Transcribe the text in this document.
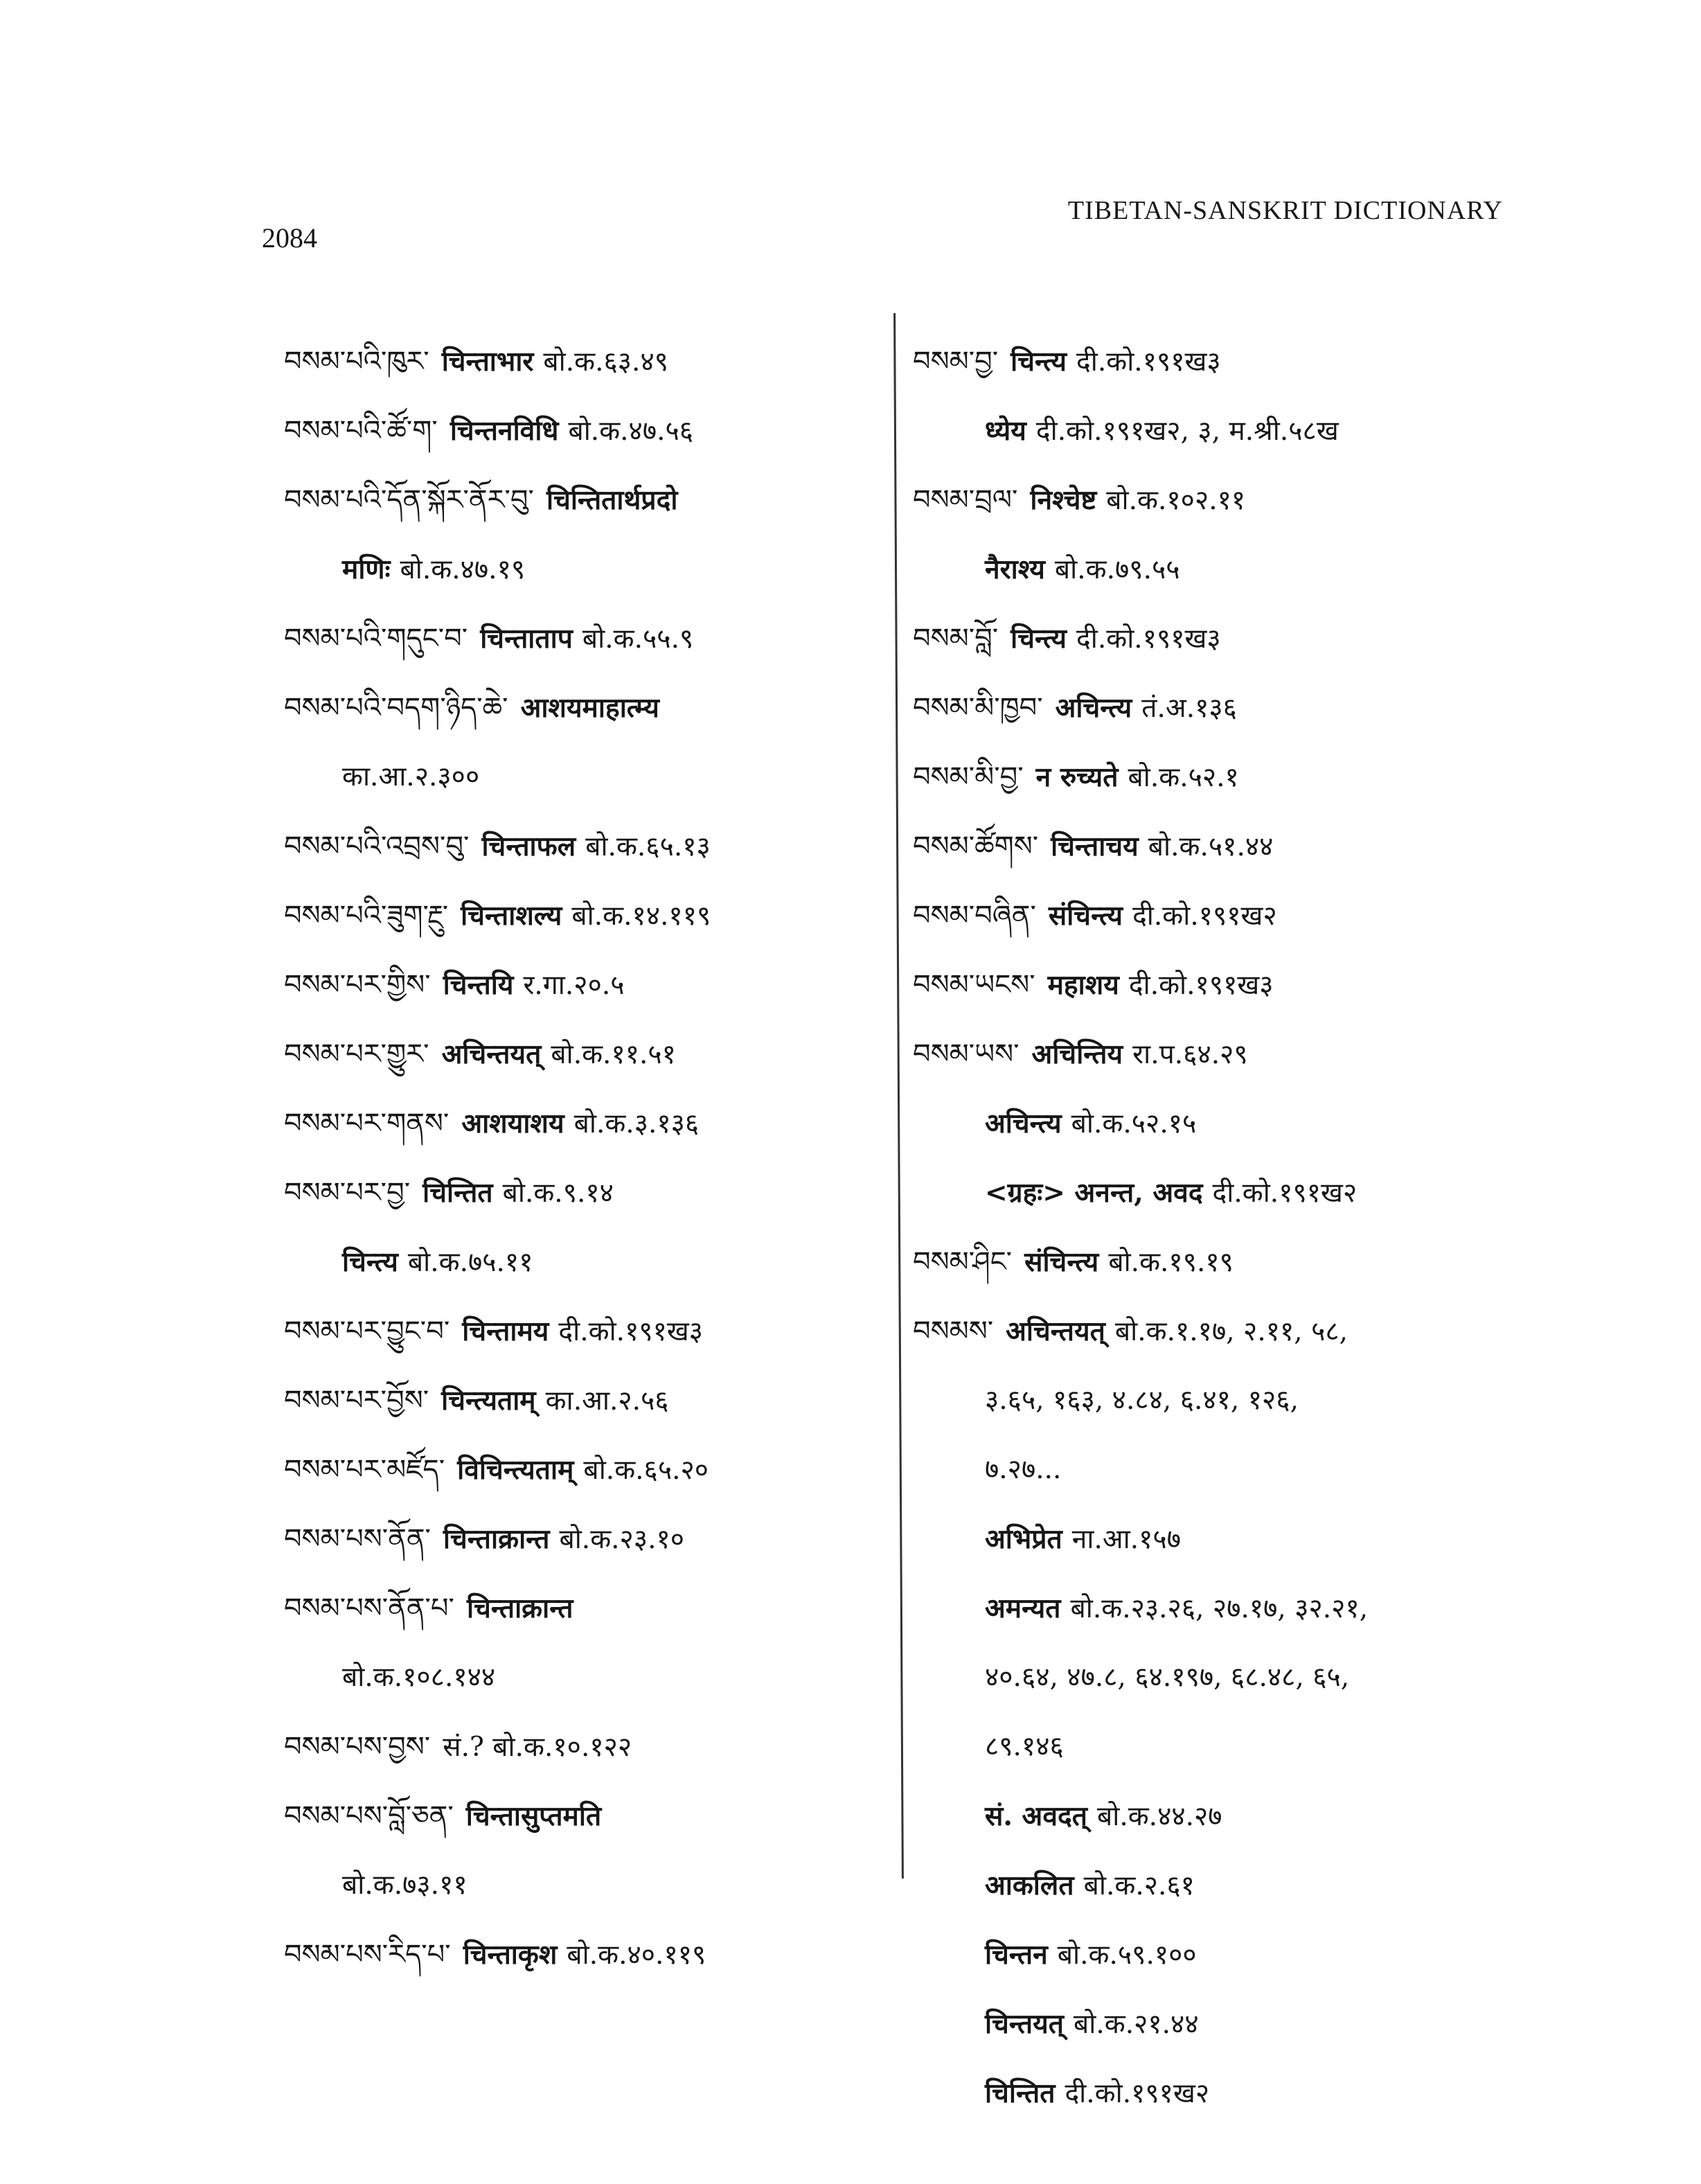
2084
TIBETAN-SANSKRIT DICTIONARY
བསམ་པའི་ཁུར་ चिन्ताभार बो.क.६३.४९
བསམ་པའི་ཚོ་ག་ चिन्तनविधि बो.क.४७.५६
བསམ་པའི་དོན་སྐོར་ནོར་བུ་ चिन्तितार्थप्रदो
मणिः बो.क.४७.१९
བསམ་པའི་གདུང་བ་ चिन्ताताप बो.क.५५.९
བསམ་པའི་བདག་ཉིད་ཆེ་ आशयमाहात्म्य
का.आ.२.३००
བསམ་པའི་འབྲས་བུ་ चिन्ताफल बो.क.६५.१३
བསམ་པའི་ཟུག་རྔུ་ चिन्ताशल्य बो.क.१४.११९
བསམ་པར་གྱིས་ चिन्तयि र.गा.२०.५
བསམ་པར་གྱུར་ अचिन्तयत् बो.क.११.५१
བསམ་པར་གནས་ आशयाशय बो.क.३.१३६
བསམ་པར་བྱ་ चिन्तित बो.क.९.१४
चिन्त्य बो.क.७५.११
བསམ་པར་བྱུང་བ་ चिन्तामय दी.को.१९१ख३
བསམ་པར་བྱོས་ चिन्त्यताम् का.आ.२.५६
བསམ་པར་མཛོད་ विचिन्त्यताम् बो.क.६५.२०
བསམ་པས་ནོན་ चिन्ताक्रान्त बो.क.२३.१०
བསམ་པས་ནོན་པ་ चिन्ताक्रान्त
बो.क.१०८.१४४
བསམ་པས་བྱས་ सं.? बो.क.१०.१२२
བསམ་པས་བློ་ཅན་ चिन्तासुप्तमति
बो.क.७३.११
བསམ་པས་རིད་པ་ चिन्ताकृश बो.क.४०.११९
བསམ་བྱ་ चिन्त्य दी.को.१९१ख३
ध्येय दी.को.१९१ख२, ३, म.श्री.५८ख
བསམ་བྲལ་ निश्चेष्ट बो.क.१०२.११
नैराश्य बो.क.७९.५५
བསམ་བློ་ चिन्त्य दी.को.१९१ख३
བསམ་མི་ཁྱབ་ अचिन्त्य तं.अ.१३६
བསམ་མི་བྱ་ न रुच्यते बो.क.५२.१
བསམ་ཚོགས་ चिन्ताचय बो.क.५१.४४
བསམ་བཞིན་ संचिन्त्य दी.को.१९१ख२
བསམ་ཡངས་ महाशय दी.को.१९१ख३
བསམ་ཡས་ अचिन्तिय रा.प.६४.२९
अचिन्त्य बो.क.५२.१५
<ग्रहः> अनन्त, अवद दी.को.१९१ख२
བསམ་ཤིང་ संचिन्त्य बो.क.१९.१९
བསམས་ अचिन्तयत् बो.क.१.१७, २.११, ५८,
३.६५, १६३, ४.८४, ६.४१, १२६,
७.२७...
अभिप्रेत ना.आ.१५७
अमन्यत बो.क.२३.२६, २७.१७, ३२.२१,
४०.६४, ४७.८, ६४.१९७, ६८.४८, ६५,
८९.१४६
सं. अवदत् बो.क.४४.२७
आकलित बो.क.२.६१
चिन्तन बो.क.५९.१००
चिन्तयत् बो.क.२१.४४
चिन्तित दी.को.१९१ख२
